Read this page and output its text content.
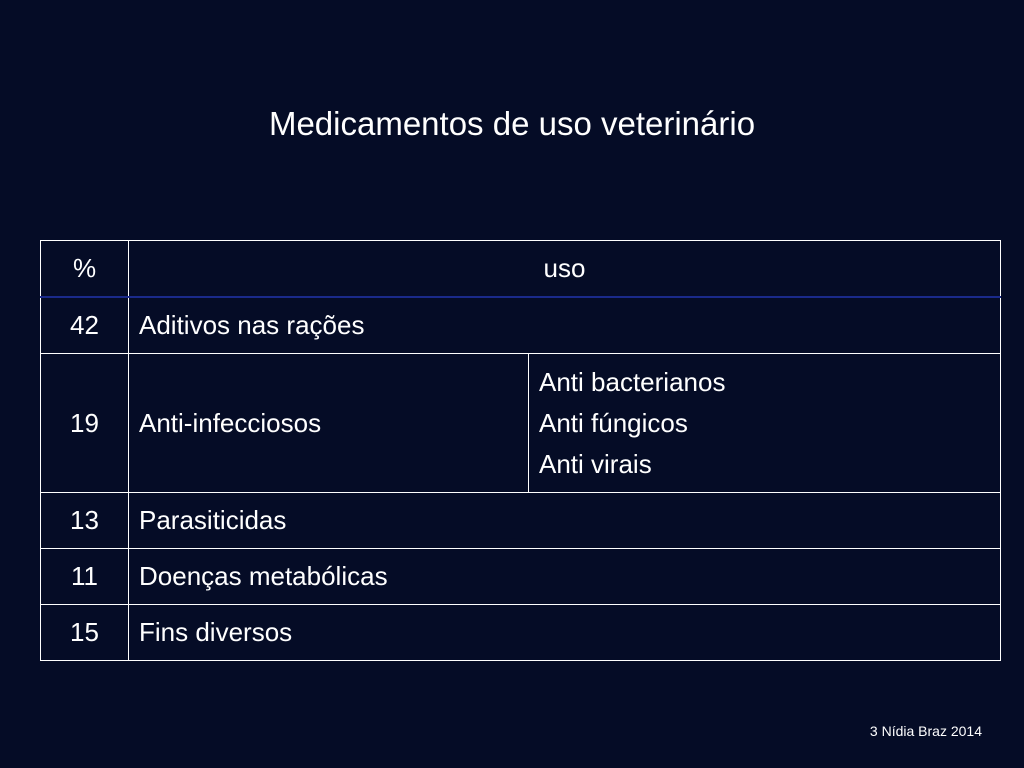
Medicamentos de uso veterinário
%	uso	
42	Aditivos nas rações	
19	Anti-infecciosos	Anti bacterianos
Anti fúngicos
Anti virais

13	Parasiticidas	
11	Doenças metabólicas	
15	Fins diversos	
3 Nídia Braz 2014
